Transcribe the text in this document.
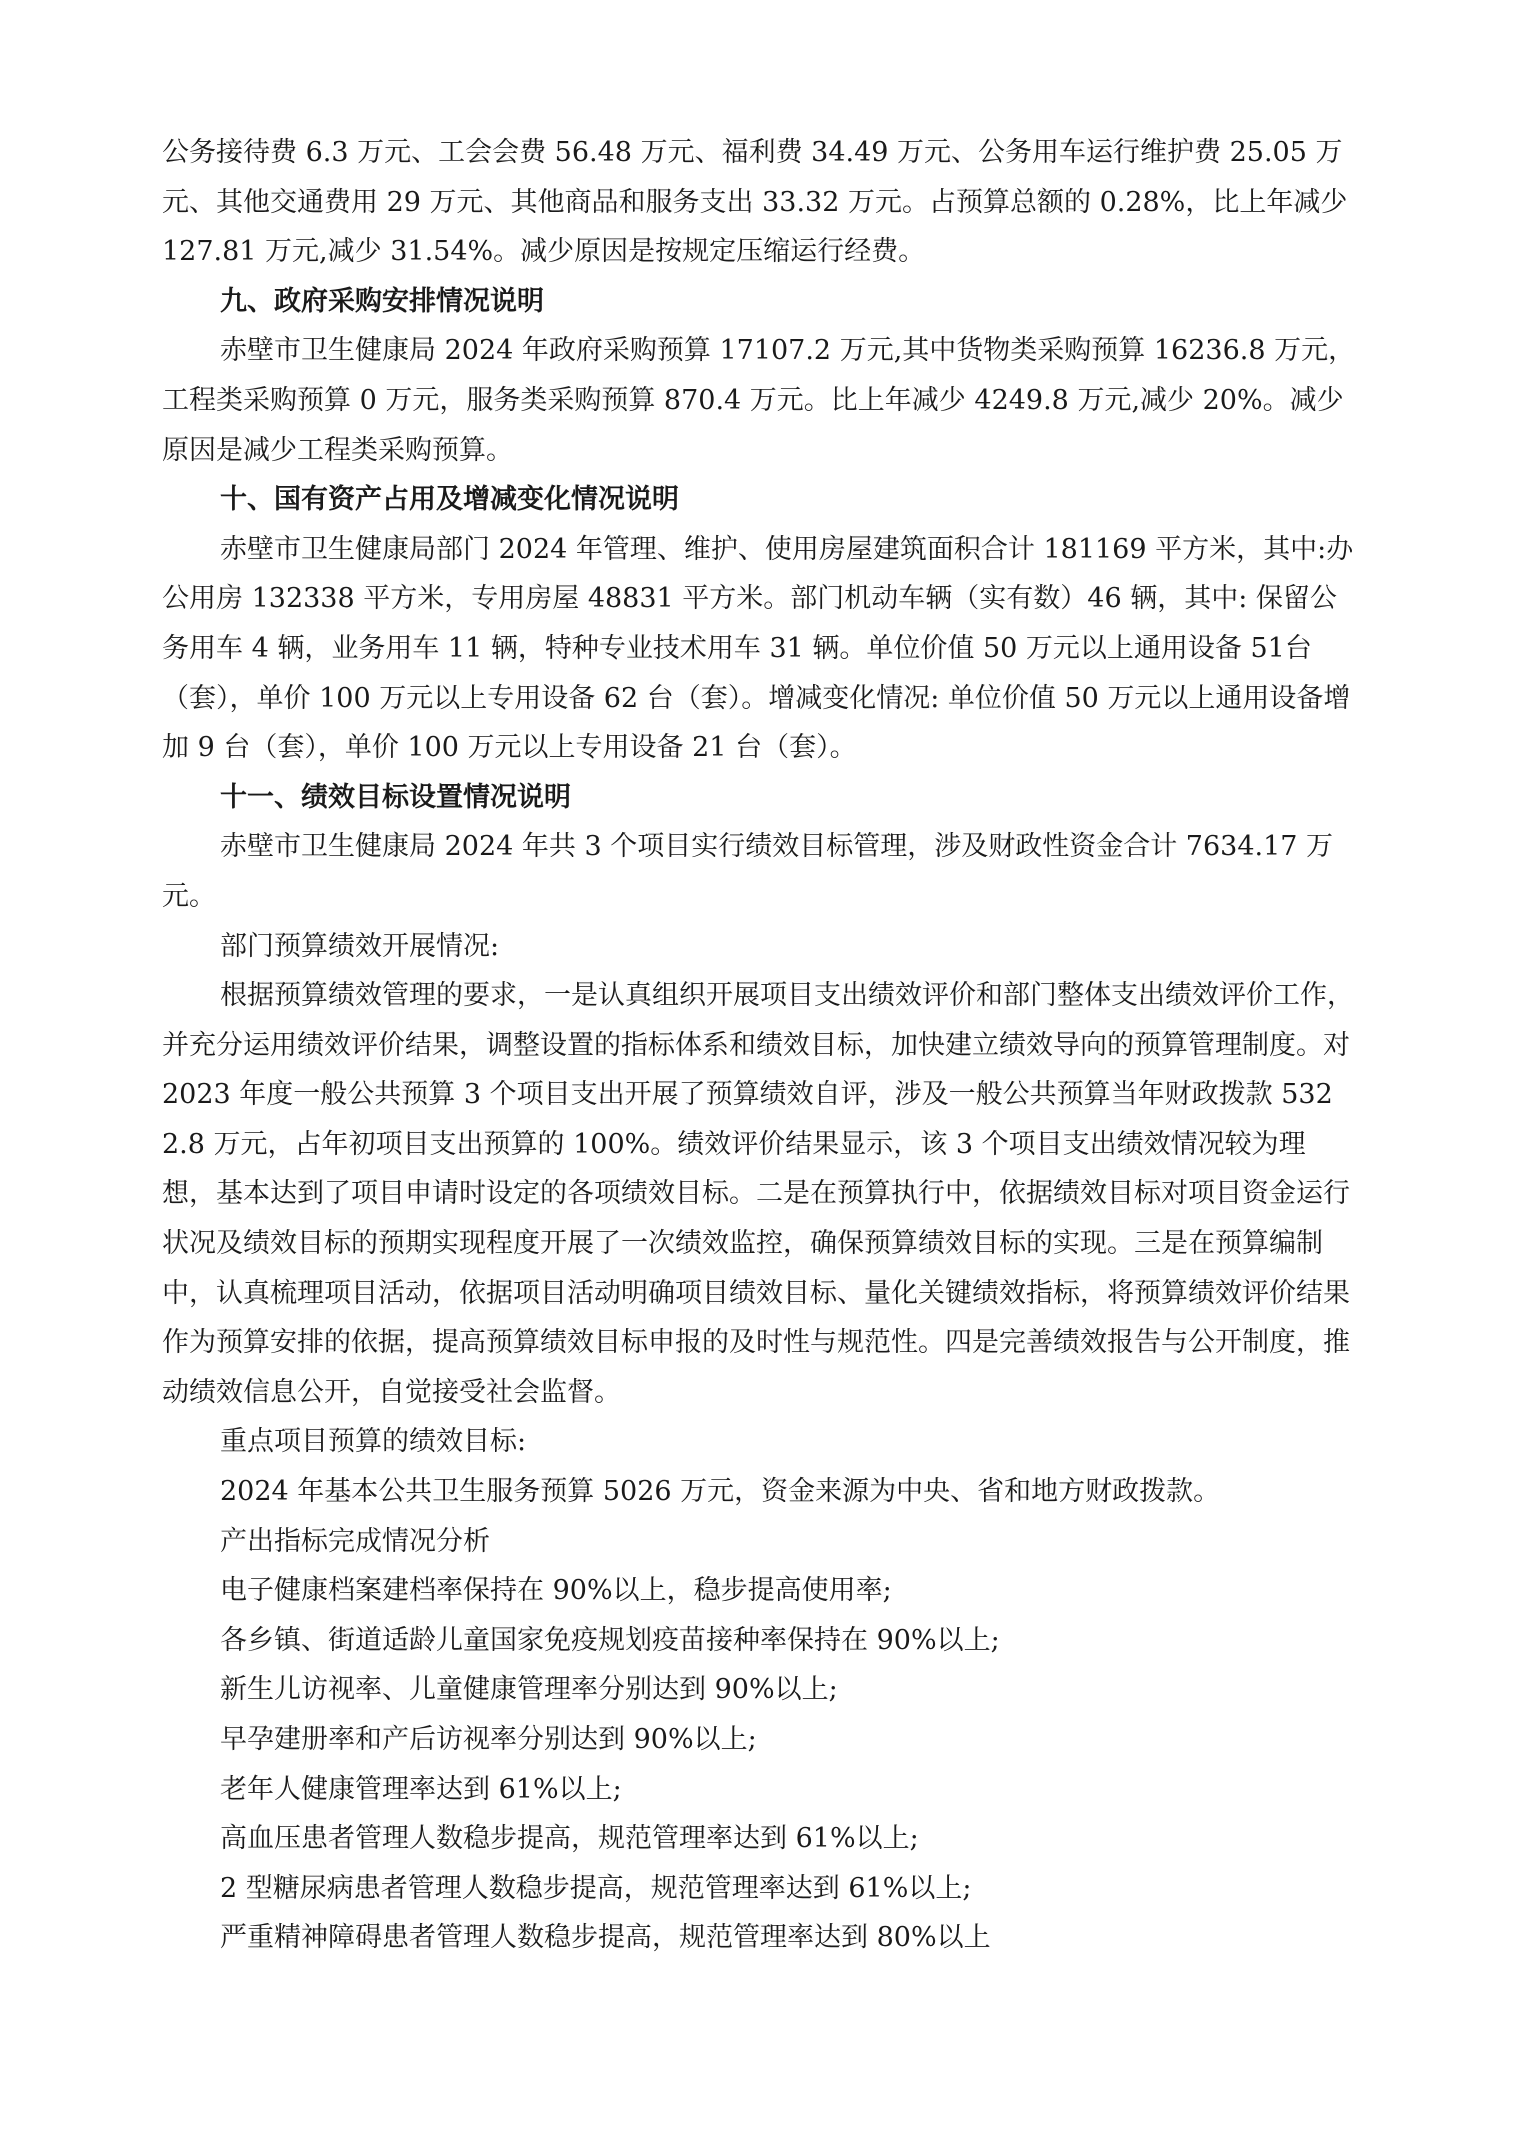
公务接待费 6.3 万元、工会会费 56.48 万元、福利费 34.49 万元、公务用车运行维护费 25.05 万元、其他交通费用 29 万元、其他商品和服务支出 33.32 万元。占预算总额的 0.28%，比上年减少 127.81 万元,减少 31.54%。减少原因是按规定压缩运行经费。

九、政府采购安排情况说明

赤壁市卫生健康局 2024 年政府采购预算 17107.2 万元,其中货物类采购预算 16236.8 万元，工程类采购预算 0 万元，服务类采购预算 870.4 万元。比上年减少 4249.8 万元,减少 20%。减少原因是减少工程类采购预算。

十、国有资产占用及增减变化情况说明

赤壁市卫生健康局部门 2024 年管理、维护、使用房屋建筑面积合计 181169 平方米，其中:办公用房 132338 平方米，专用房屋 48831 平方米。部门机动车辆（实有数）46 辆，其中: 保留公务用车 4 辆，业务用车 11 辆，特种专业技术用车 31 辆。单位价值 50 万元以上通用设备 51台（套），单价 100 万元以上专用设备 62 台（套）。增减变化情况: 单位价值 50 万元以上通用设备增加 9 台（套），单价 100 万元以上专用设备 21 台（套）。

十一、绩效目标设置情况说明

赤壁市卫生健康局 2024 年共 3 个项目实行绩效目标管理，涉及财政性资金合计 7634.17 万元。

部门预算绩效开展情况:

根据预算绩效管理的要求，一是认真组织开展项目支出绩效评价和部门整体支出绩效评价工作，并充分运用绩效评价结果，调整设置的指标体系和绩效目标，加快建立绩效导向的预算管理制度。对 2023 年度一般公共预算 3 个项目支出开展了预算绩效自评，涉及一般公共预算当年财政拨款 5322.8 万元，占年初项目支出预算的 100%。绩效评价结果显示，该 3 个项目支出绩效情况较为理想，基本达到了项目申请时设定的各项绩效目标。二是在预算执行中，依据绩效目标对项目资金运行状况及绩效目标的预期实现程度开展了一次绩效监控，确保预算绩效目标的实现。三是在预算编制中，认真梳理项目活动，依据项目活动明确项目绩效目标、量化关键绩效指标，将预算绩效评价结果作为预算安排的依据，提高预算绩效目标申报的及时性与规范性。四是完善绩效报告与公开制度，推动绩效信息公开，自觉接受社会监督。

重点项目预算的绩效目标:

2024 年基本公共卫生服务预算 5026 万元，资金来源为中央、省和地方财政拨款。

产出指标完成情况分析

电子健康档案建档率保持在 90%以上，稳步提高使用率;

各乡镇、街道适龄儿童国家免疫规划疫苗接种率保持在 90%以上;

新生儿访视率、儿童健康管理率分别达到 90%以上;

早孕建册率和产后访视率分别达到 90%以上;

老年人健康管理率达到 61%以上;

高血压患者管理人数稳步提高，规范管理率达到 61%以上;

2 型糖尿病患者管理人数稳步提高，规范管理率达到 61%以上;

严重精神障碍患者管理人数稳步提高，规范管理率达到 80%以上
